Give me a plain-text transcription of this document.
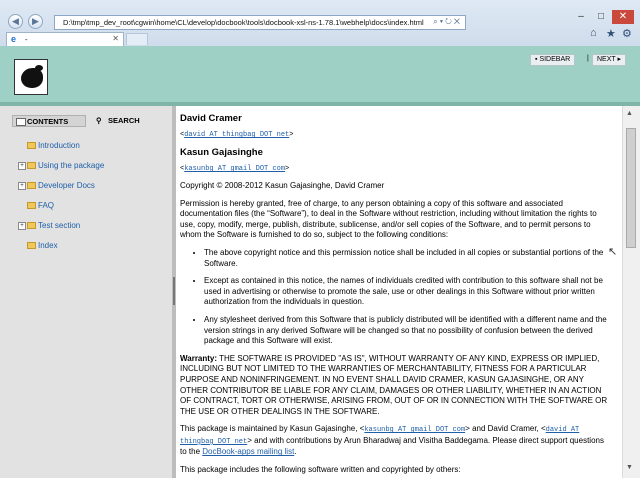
◀	▶	D:\tmp\tmp_dev_root\cgwin\home\CL\develop\docbook\tools\docbook-xsl-ns-1.78.1\webhelp\docs\index.html ⌕▾↻✕
e -	✕
–	□	✕
⌂ ★ ⚙
▪ SIDEBAR	|	NEXT ▸
CONTENTS	⚲ SEARCH
Introduction
+ Using the package
+ Developer Docs
FAQ
+ Test section
Index
David Cramer
<david AT thingbag DOT net>
Kasun Gajasinghe
<kasunbg AT gmail DOT com>

Copyright © 2008-2012 Kasun Gajasinghe, David Cramer

Permission is hereby granted, free of charge, to any person obtaining a copy of this software and associated documentation files (the “Software”), to deal in the Software without restriction, including without limitation the rights to use, copy, modify, merge, publish, distribute, sublicense, and/or sell copies of the Software, and to permit persons to whom the Software is furnished to do so, subject to the following conditions:

• The above copyright notice and this permission notice shall be included in all copies or substantial portions of the Software.
• Except as contained in this notice, the names of individuals credited with contribution to this software shall not be used in advertising or otherwise to promote the sale, use or other dealings in this Software without prior written authorization from the individuals in question.
• Any stylesheet derived from this Software that is publicly distributed will be identified with a different name and the version strings in any derived Software will be changed so that no possibility of confusion between the derived package and this Software will exist.

Warranty: THE SOFTWARE IS PROVIDED "AS IS", WITHOUT WARRANTY OF ANY KIND, EXPRESS OR IMPLIED, INCLUDING BUT NOT LIMITED TO THE WARRANTIES OF MERCHANTABILITY, FITNESS FOR A PARTICULAR PURPOSE AND NONINFRINGEMENT. IN NO EVENT SHALL DAVID CRAMER, KASUN GAJASINGHE, OR ANY OTHER CONTRIBUTOR BE LIABLE FOR ANY CLAIM, DAMAGES OR OTHER LIABILITY, WHETHER IN AN ACTION OF CONTRACT, TORT OR OTHERWISE, ARISING FROM, OUT OF OR IN CONNECTION WITH THE SOFTWARE OR THE USE OR OTHER DEALINGS IN THE SOFTWARE.

This package is maintained by Kasun Gajasinghe, <kasunbg AT gmail DOT com> and David Cramer, <david AT thingbag DOT net> and with contributions by Arun Bharadwaj and Visitha Baddegama. Please direct support questions to the DocBook-apps mailing list.

This package includes the following software written and copyrighted by others:

↖
▲
▼
